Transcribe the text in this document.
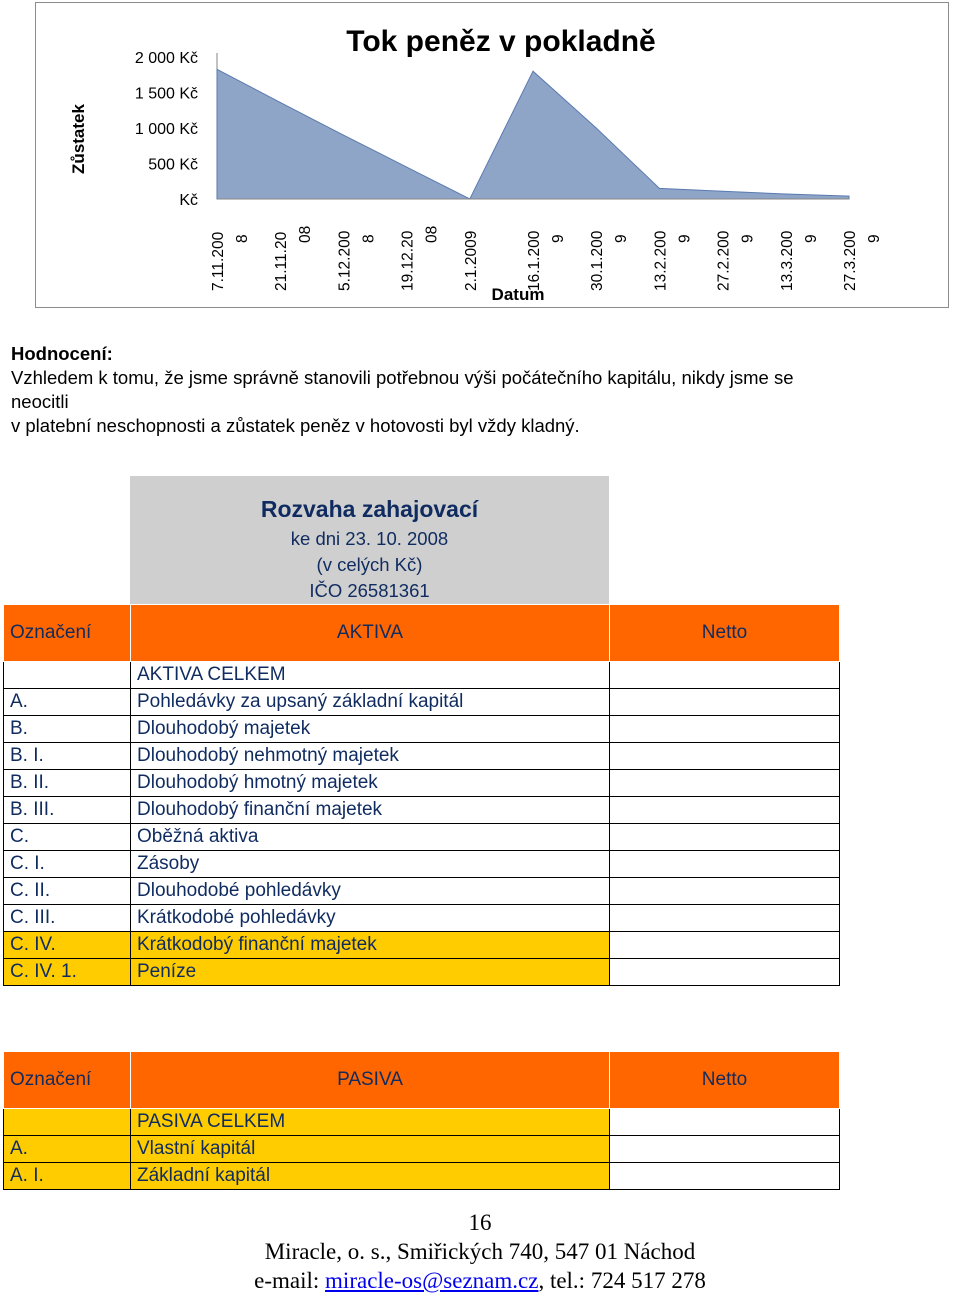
Tok peněz v pokladně
Zůstatek
Datum
Kč
500 Kč
1 000 Kč
1 500 Kč
2 000 Kč
7.11.200 8 21.11.20 08 5.12.200 8 19.12.20 08 2.1.2009	16.1.200 9 30.1.200 9 13.2.200 9 27.2.200 9 13.3.200 9 27.3.200 9

Hodnocení:

Vzhledem k tomu, že jsme správně stanovili potřebnou výši počátečního kapitálu, nikdy jsme se

neocitli

v platební neschopnosti a zůstatek peněz v hotovosti byl vždy kladný.

Rozvaha zahajovací
ke dni 23. 10. 2008
(v celých Kč)
IČO 26581361
Označení	AKTIVA		Netto
	AKTIVA CELKEM	

A.	Pohledávky za upsaný základní kapitál	

B.	Dlouhodobý majetek	

B. I.	Dlouhodobý nehmotný majetek	

B. II.	Dlouhodobý hmotný majetek	

B. III.	Dlouhodobý finanční majetek	

C.	Oběžná aktiva	

C. I.	Zásoby	

C. II.	Dlouhodobé pohledávky	

C. III.	Krátkodobé pohledávky	

C. IV.	Krátkodobý finanční majetek	

C. IV. 1.	Peníze	

Označení	PASIVA		Netto
	PASIVA CELKEM	

A.	Vlastní kapitál	

A. I.	Základní kapitál	

16
Miracle, o. s., Smiřických 740, 547 01 Náchod
e-mail: miracle-os@seznam.cz, tel.: 724 517 278
